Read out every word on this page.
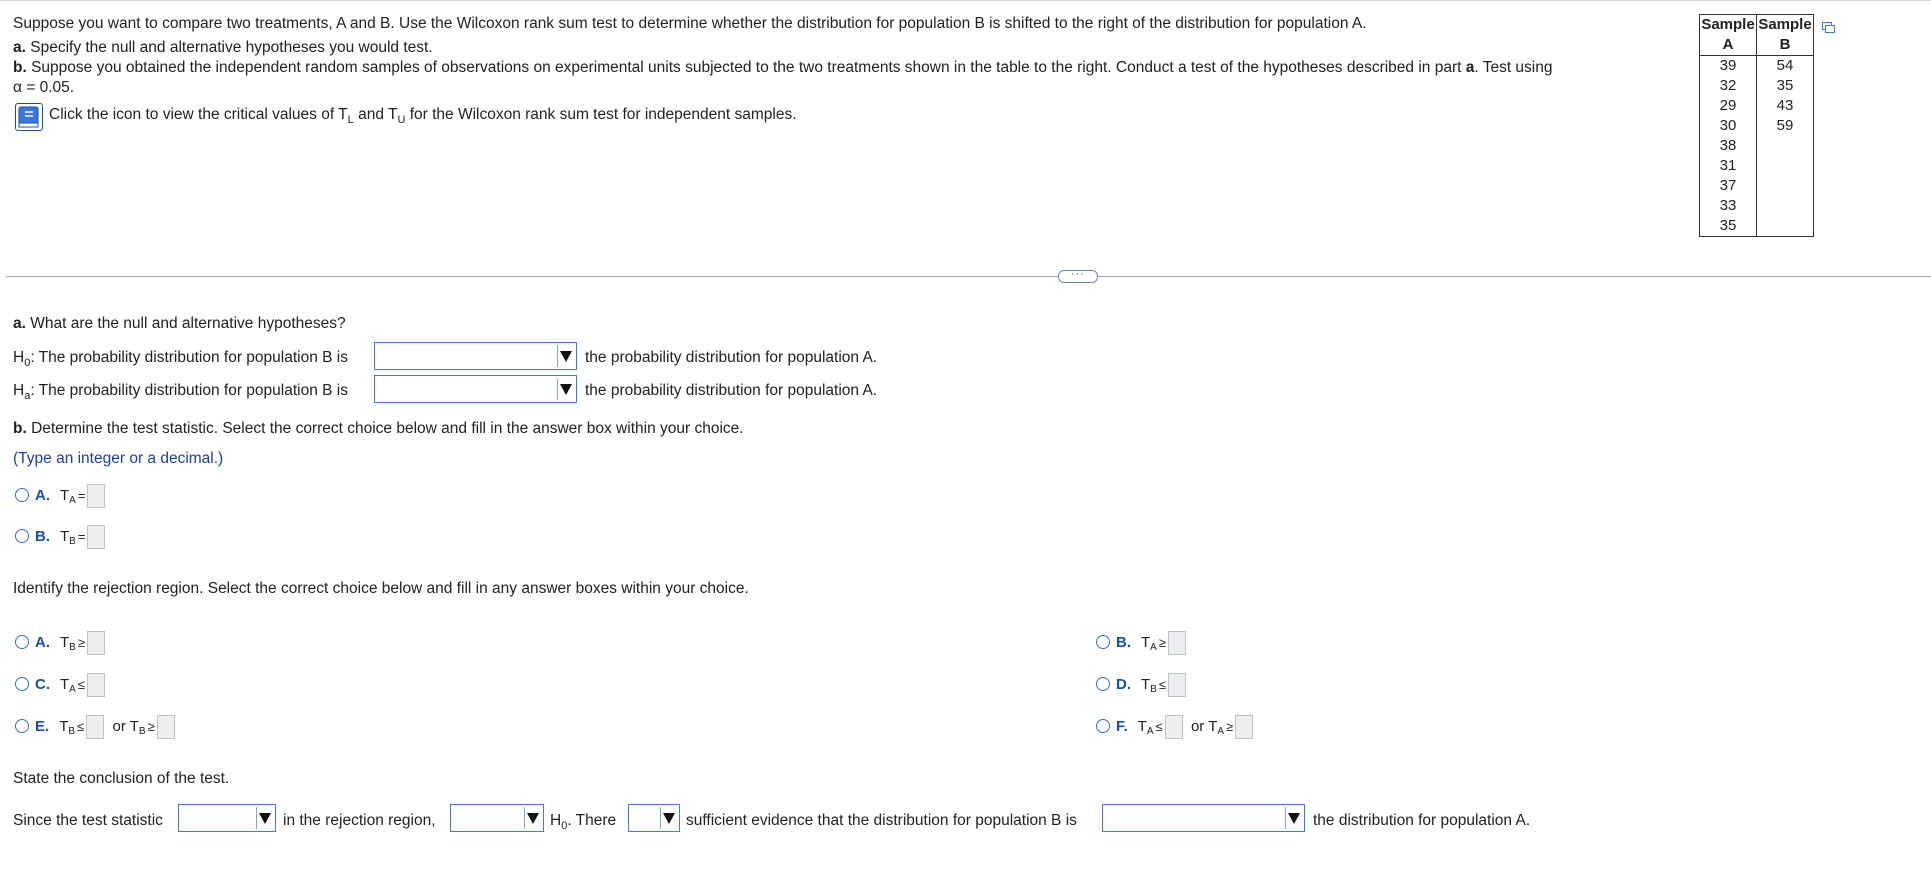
Suppose you want to compare two treatments, A and B. Use the Wilcoxon rank sum test to determine whether the distribution for population B is shifted to the right of the distribution for population A.
a. Specify the null and alternative hypotheses you would test.
b. Suppose you obtained the independent random samples of observations on experimental units subjected to the two treatments shown in the table to the right. Conduct a test of the hypotheses described in part a. Test using
α = 0.05.
Click the icon to view the critical values of $T_L$ and $T_U$ for the Wilcoxon rank sum test for independent samples.
Sample	Sample
A	B
39	54
32	35
29	43
30	59
38	
31	
37	
33	
35	
···
a. What are the null and alternative hypotheses?
$H_0$: The probability distribution for population B is	the probability distribution for population A.
$H_a$: The probability distribution for population B is	the probability distribution for population A.
b. Determine the test statistic. Select the correct choice below and fill in the answer box within your choice.
(Type an integer or a decimal.)
A. $T_A$ =
B. $T_B$ =
Identify the rejection region. Select the correct choice below and fill in any answer boxes within your choice.
A. $T_B$ ≥	B. $T_A$ ≥
C. $T_A$ ≤	D. $T_B$ ≤
E. $T_B$ ≤ or $T_B$ ≥	F. $T_A$ ≤ or $T_A$ ≥
State the conclusion of the test.
Since the test statistic	in the rejection region,	$H_0$. There	sufficient evidence that the distribution for population B is	the distribution for population A.
